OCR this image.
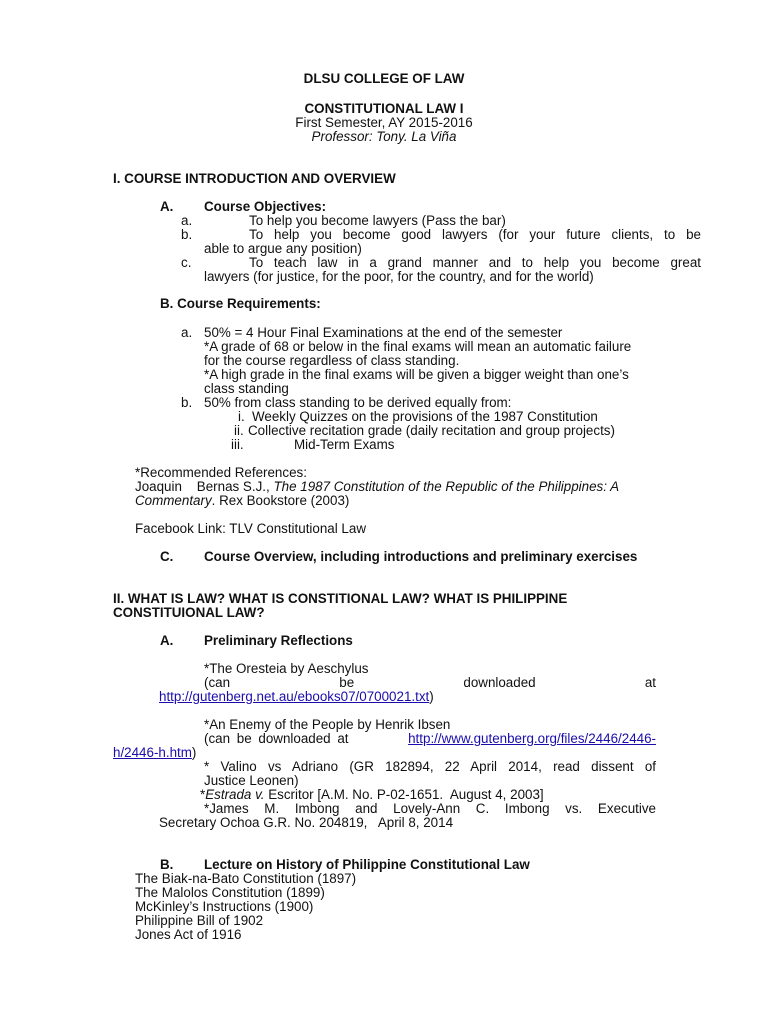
DLSU COLLEGE OF LAW
CONSTITUTIONAL LAW I
First Semester, AY 2015-2016
Professor: Tony. La Viña
I. COURSE INTRODUCTION AND OVERVIEW
A. Course Objectives:
a.	To help you become lawyers (Pass the bar)
b.	To help you become good lawyers (for your future clients, to be
able to argue any position)
c.	To teach law in a grand manner and to help you become great
lawyers (for justice, for the poor, for the country, and for the world)
B. Course Requirements:
a. 50% = 4 Hour Final Examinations at the end of the semester
*A grade of 68 or below in the final exams will mean an automatic failure
for the course regardless of class standing.
*A high grade in the final exams will be given a bigger weight than one’s
class standing
b. 50% from class standing to be derived equally from:
i. Weekly Quizzes on the provisions of the 1987 Constitution
ii. Collective recitation grade (daily recitation and group projects)
iii.	Mid-Term Exams
*Recommended References:
Joaquin    Bernas S.J., The 1987 Constitution of the Republic of the Philippines: A
Commentary. Rex Bookstore (2003)
Facebook Link: TLV Constitutional Law
C. Course Overview, including introductions and preliminary exercises
II. WHAT IS LAW? WHAT IS CONSTITIONAL LAW? WHAT IS PHILIPPINE
CONSTITUIONAL LAW?
A. Preliminary Reflections
*The Oresteia by Aeschylus
(can	be	downloaded	at
http://gutenberg.net.au/ebooks07/0700021.txt)
*An Enemy of the People by Henrik Ibsen
(can be downloaded at	http://www.gutenberg.org/files/2446/2446-
h/2446-h.htm)
* Valino vs Adriano (GR 182894, 22 April 2014, read dissent of
Justice Leonen)
*Estrada v. Escritor [A.M. No. P-02-1651.  August 4, 2003]
*James M. Imbong and Lovely-Ann C. Imbong vs. Executive
Secretary Ochoa G.R. No. 204819,   April 8, 2014
B. Lecture on History of Philippine Constitutional Law
The Biak-na-Bato Constitution (1897)
The Malolos Constitution (1899)
McKinley’s Instructions (1900)
Philippine Bill of 1902
Jones Act of 1916
